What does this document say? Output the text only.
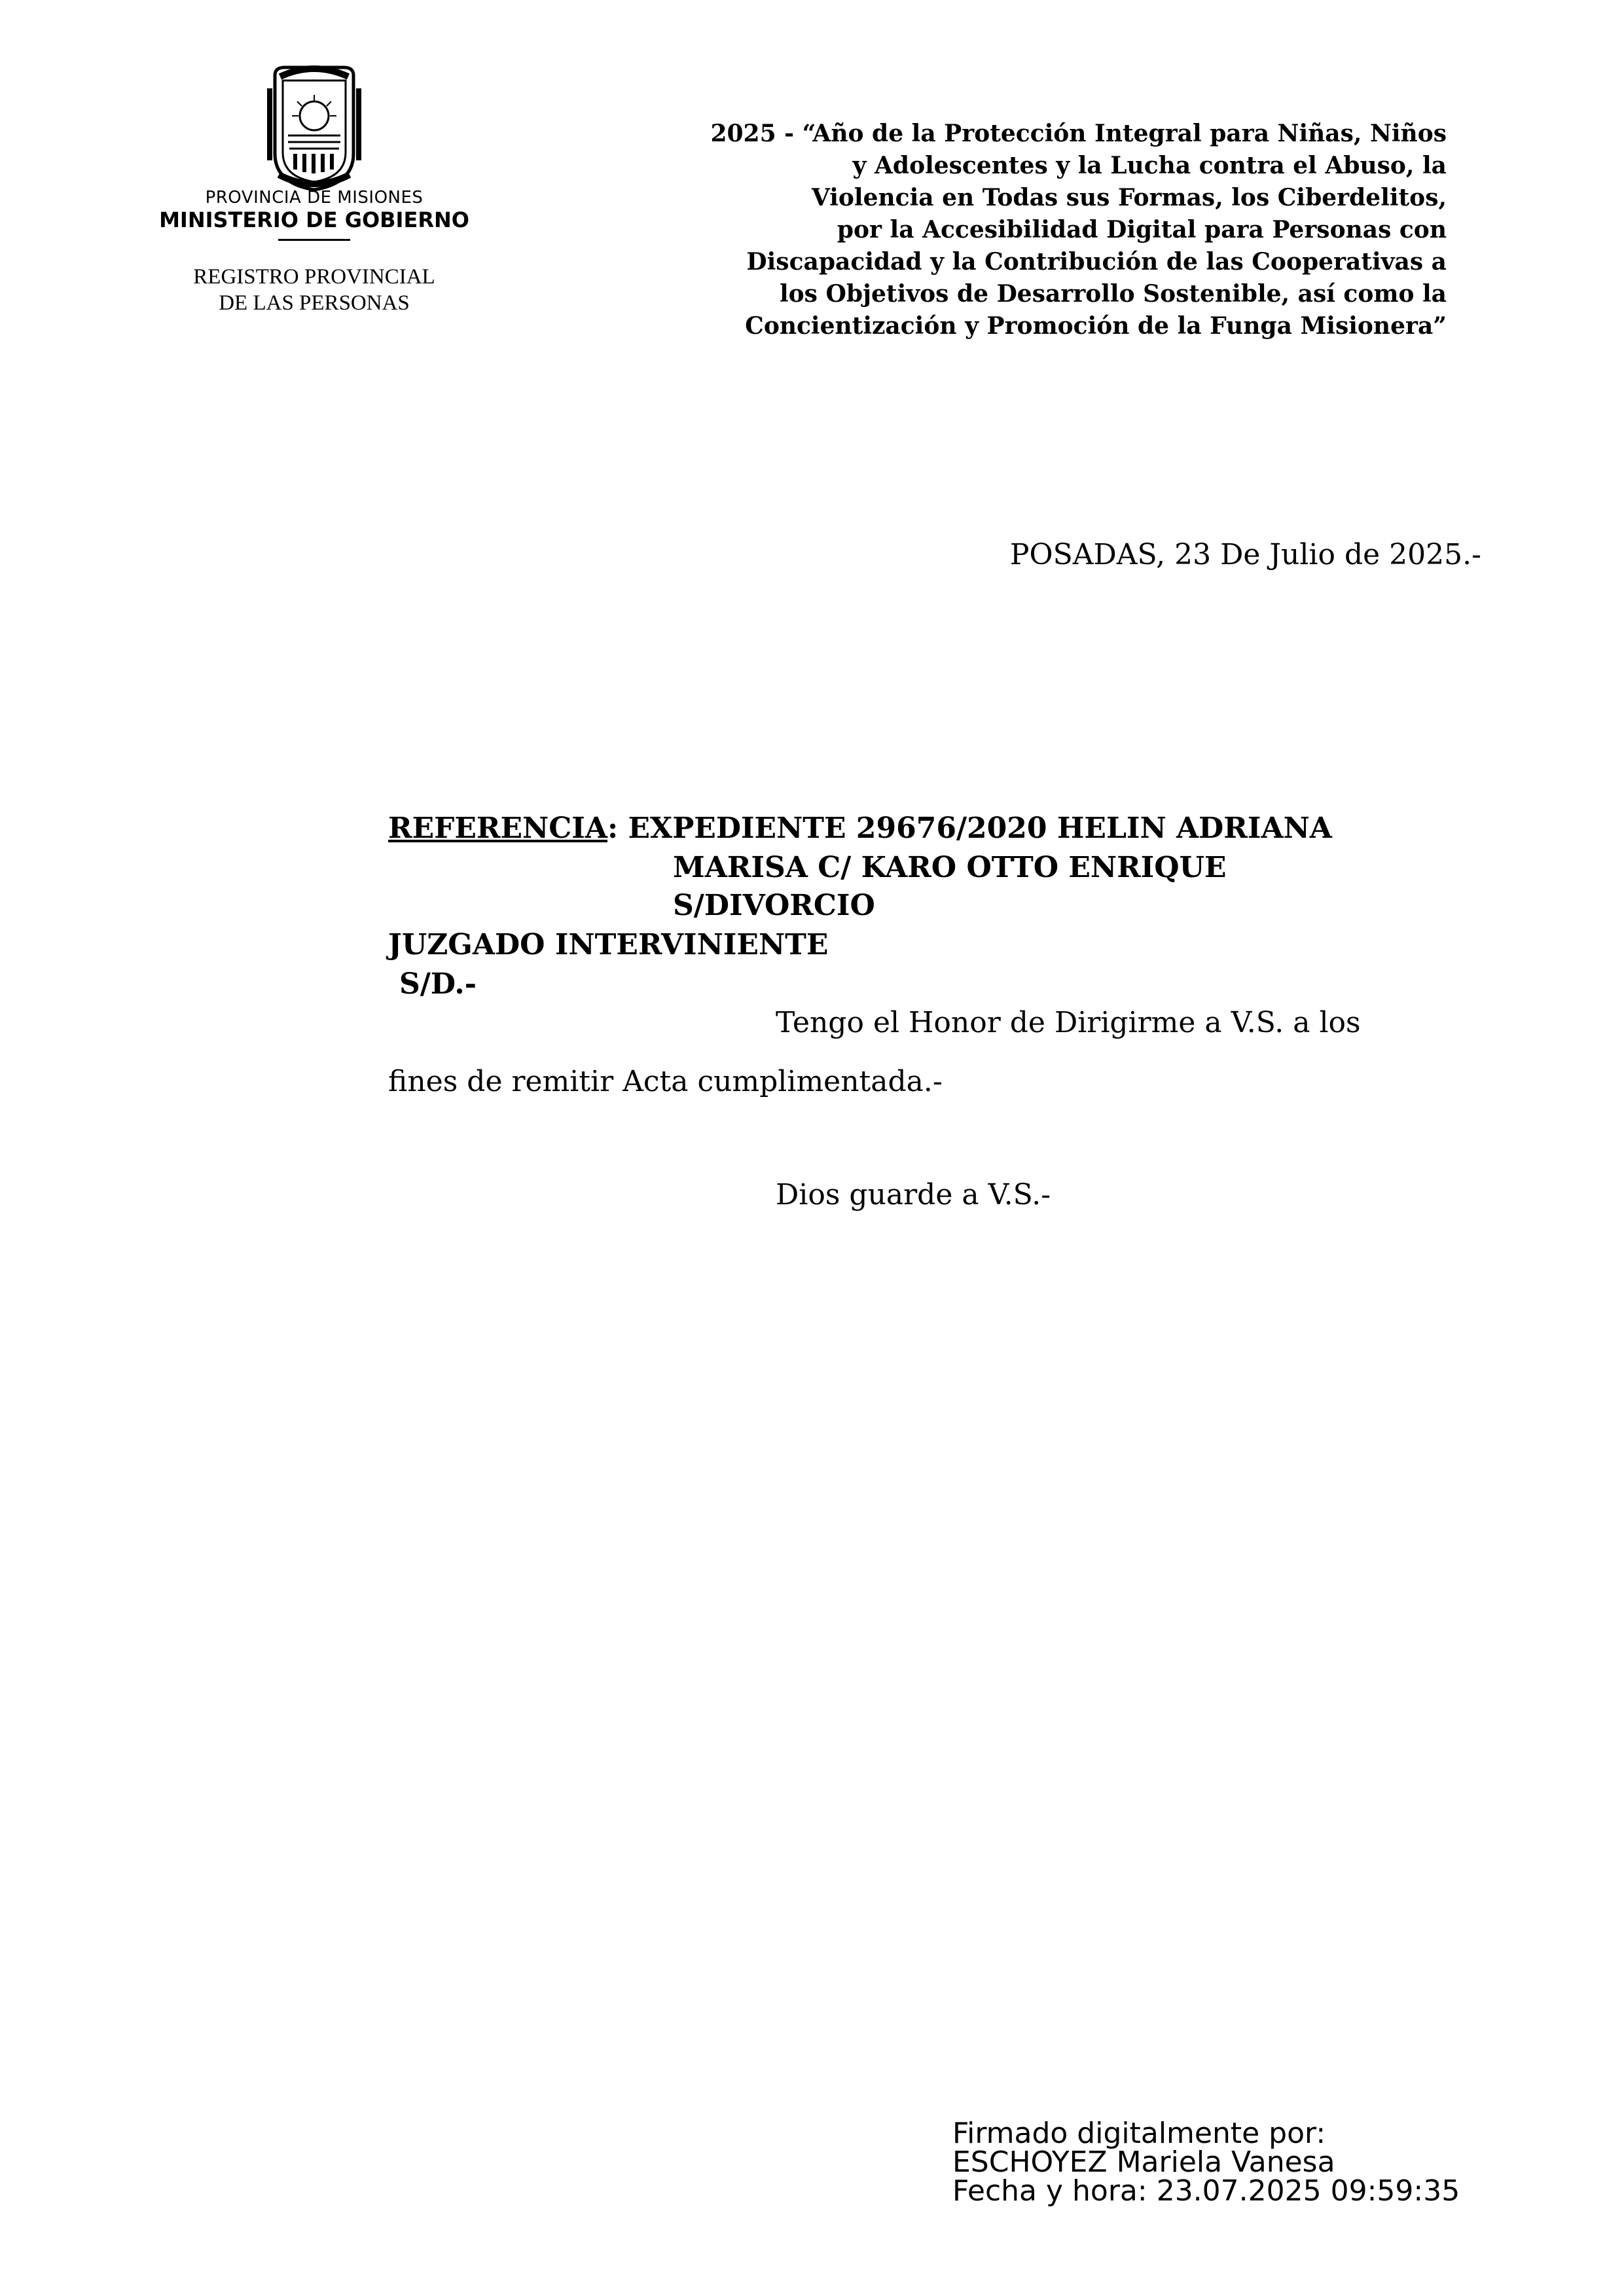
PROVINCIA DE MISIONES
MINISTERIO DE GOBIERNO
REGISTRO PROVINCIAL
DE LAS PERSONAS
2025 - “Año de la Protección Integral para Niñas, Niños
y Adolescentes y la Lucha contra el Abuso, la
Violencia en Todas sus Formas, los Ciberdelitos,
por la Accesibilidad Digital para Personas con
Discapacidad y la Contribución de las Cooperativas a
los Objetivos de Desarrollo Sostenible, así como la
Concientización y Promoción de la Funga Misionera”
POSADAS, 23 De Julio de 2025.-
REFERENCIA: EXPEDIENTE 29676/2020 HELIN ADRIANA
MARISA C/ KARO OTTO ENRIQUE
S/DIVORCIO
JUZGADO INTERVINIENTE
S/D.-
Tengo el Honor de Dirigirme a V.S. a los
fines de remitir Acta cumplimentada.-
Dios guarde a V.S.-
Firmado digitalmente por:
ESCHOYEZ Mariela Vanesa
Fecha y hora: 23.07.2025 09:59:35
